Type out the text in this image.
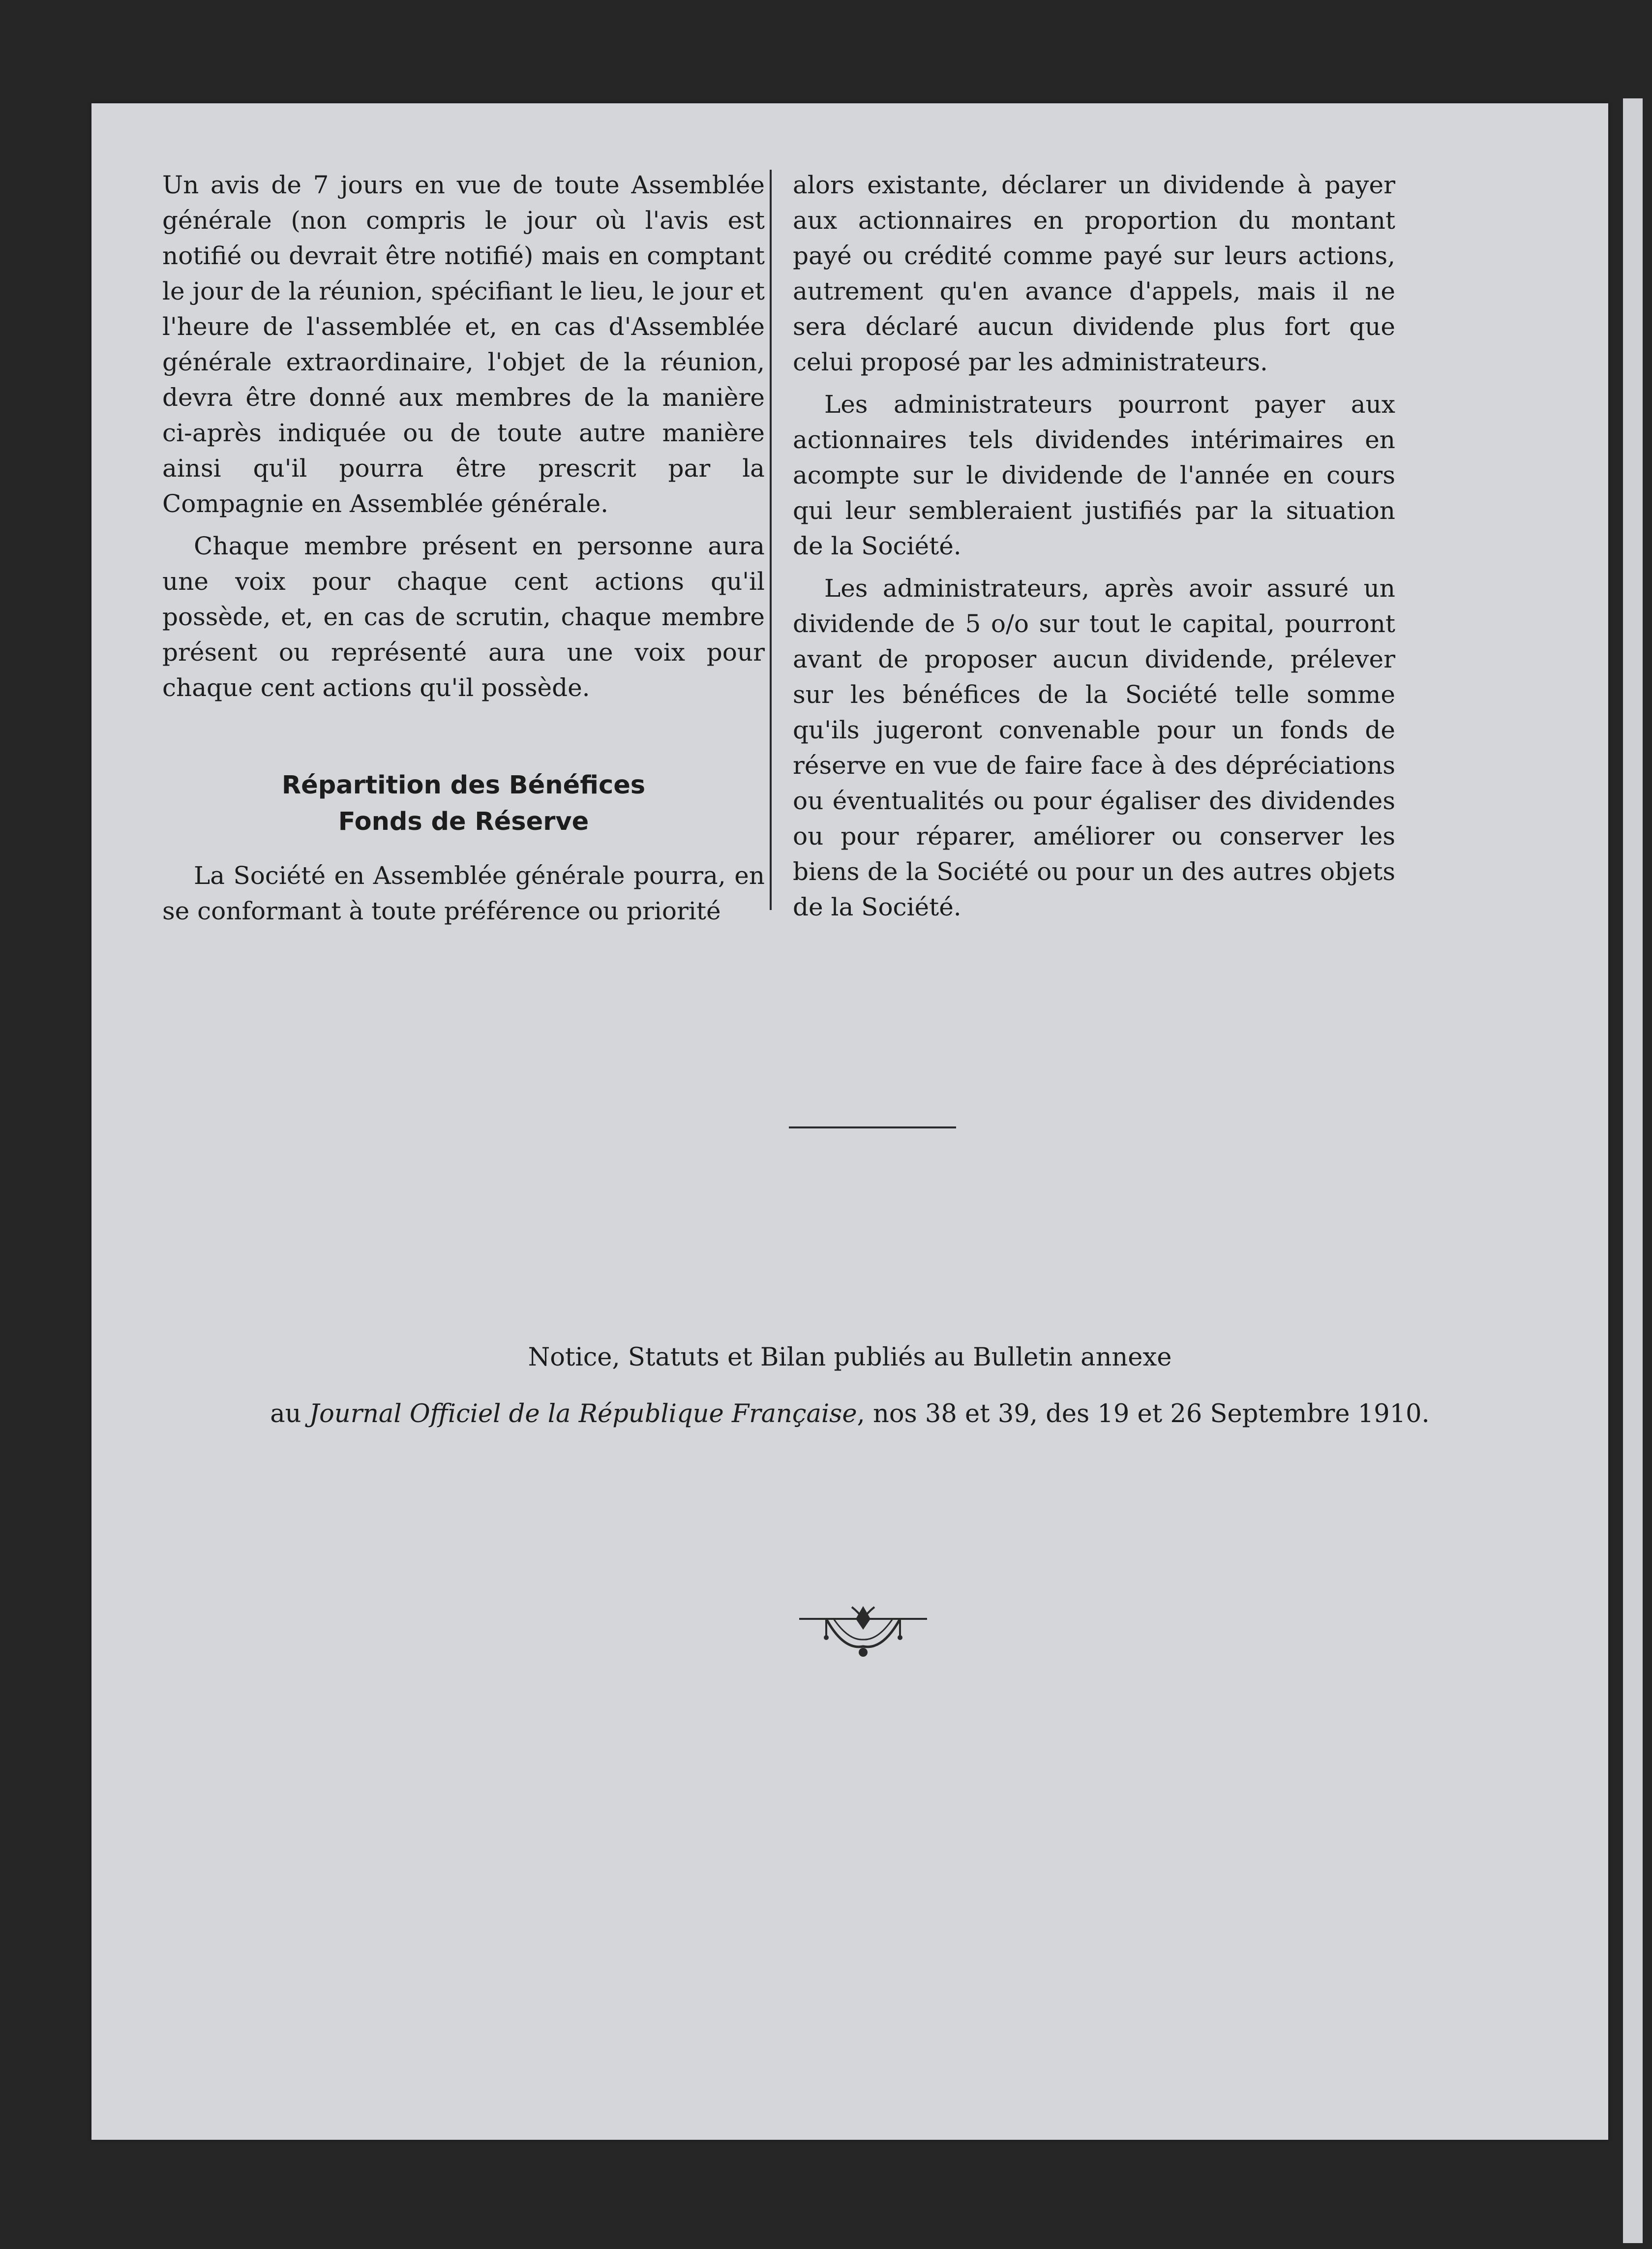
Un avis de 7 jours en vue de toute Assemblée générale (non compris le jour où l'avis est notifié ou devrait être notifié) mais en comptant le jour de la réunion, spécifiant le lieu, le jour et l'heure de l'assemblée et, en cas d'Assemblée générale extraordinaire, l'objet de la réunion, devra être donné aux membres de la manière ci-après indiquée ou de toute autre manière ainsi qu'il pourra être prescrit par la Compagnie en Assemblée générale.

Chaque membre présent en personne aura une voix pour chaque cent actions qu'il possède, et, en cas de scrutin, chaque membre présent ou représenté aura une voix pour chaque cent actions qu'il possède.

Répartition des Bénéfices
Fonds de Réserve

La Société en Assemblée générale pourra, en se conformant à toute préférence ou priorité

alors existante, déclarer un dividende à payer aux actionnaires en proportion du montant payé ou crédité comme payé sur leurs actions, autrement qu'en avance d'appels, mais il ne sera déclaré aucun dividende plus fort que celui proposé par les administrateurs.

Les administrateurs pourront payer aux actionnaires tels dividendes intérimaires en acompte sur le dividende de l'année en cours qui leur sembleraient justifiés par la situation de la Société.

Les administrateurs, après avoir assuré un dividende de 5 o/o sur tout le capital, pourront avant de proposer aucun dividende, prélever sur les bénéfices de la Société telle somme qu'ils jugeront convenable pour un fonds de réserve en vue de faire face à des dépréciations ou éventualités ou pour égaliser des dividendes ou pour réparer, améliorer ou conserver les biens de la Société ou pour un des autres objets de la Société.

Notice, Statuts et Bilan publiés au Bulletin annexe
au Journal Officiel de la République Française, nos 38 et 39, des 19 et 26 Septembre 1910.
